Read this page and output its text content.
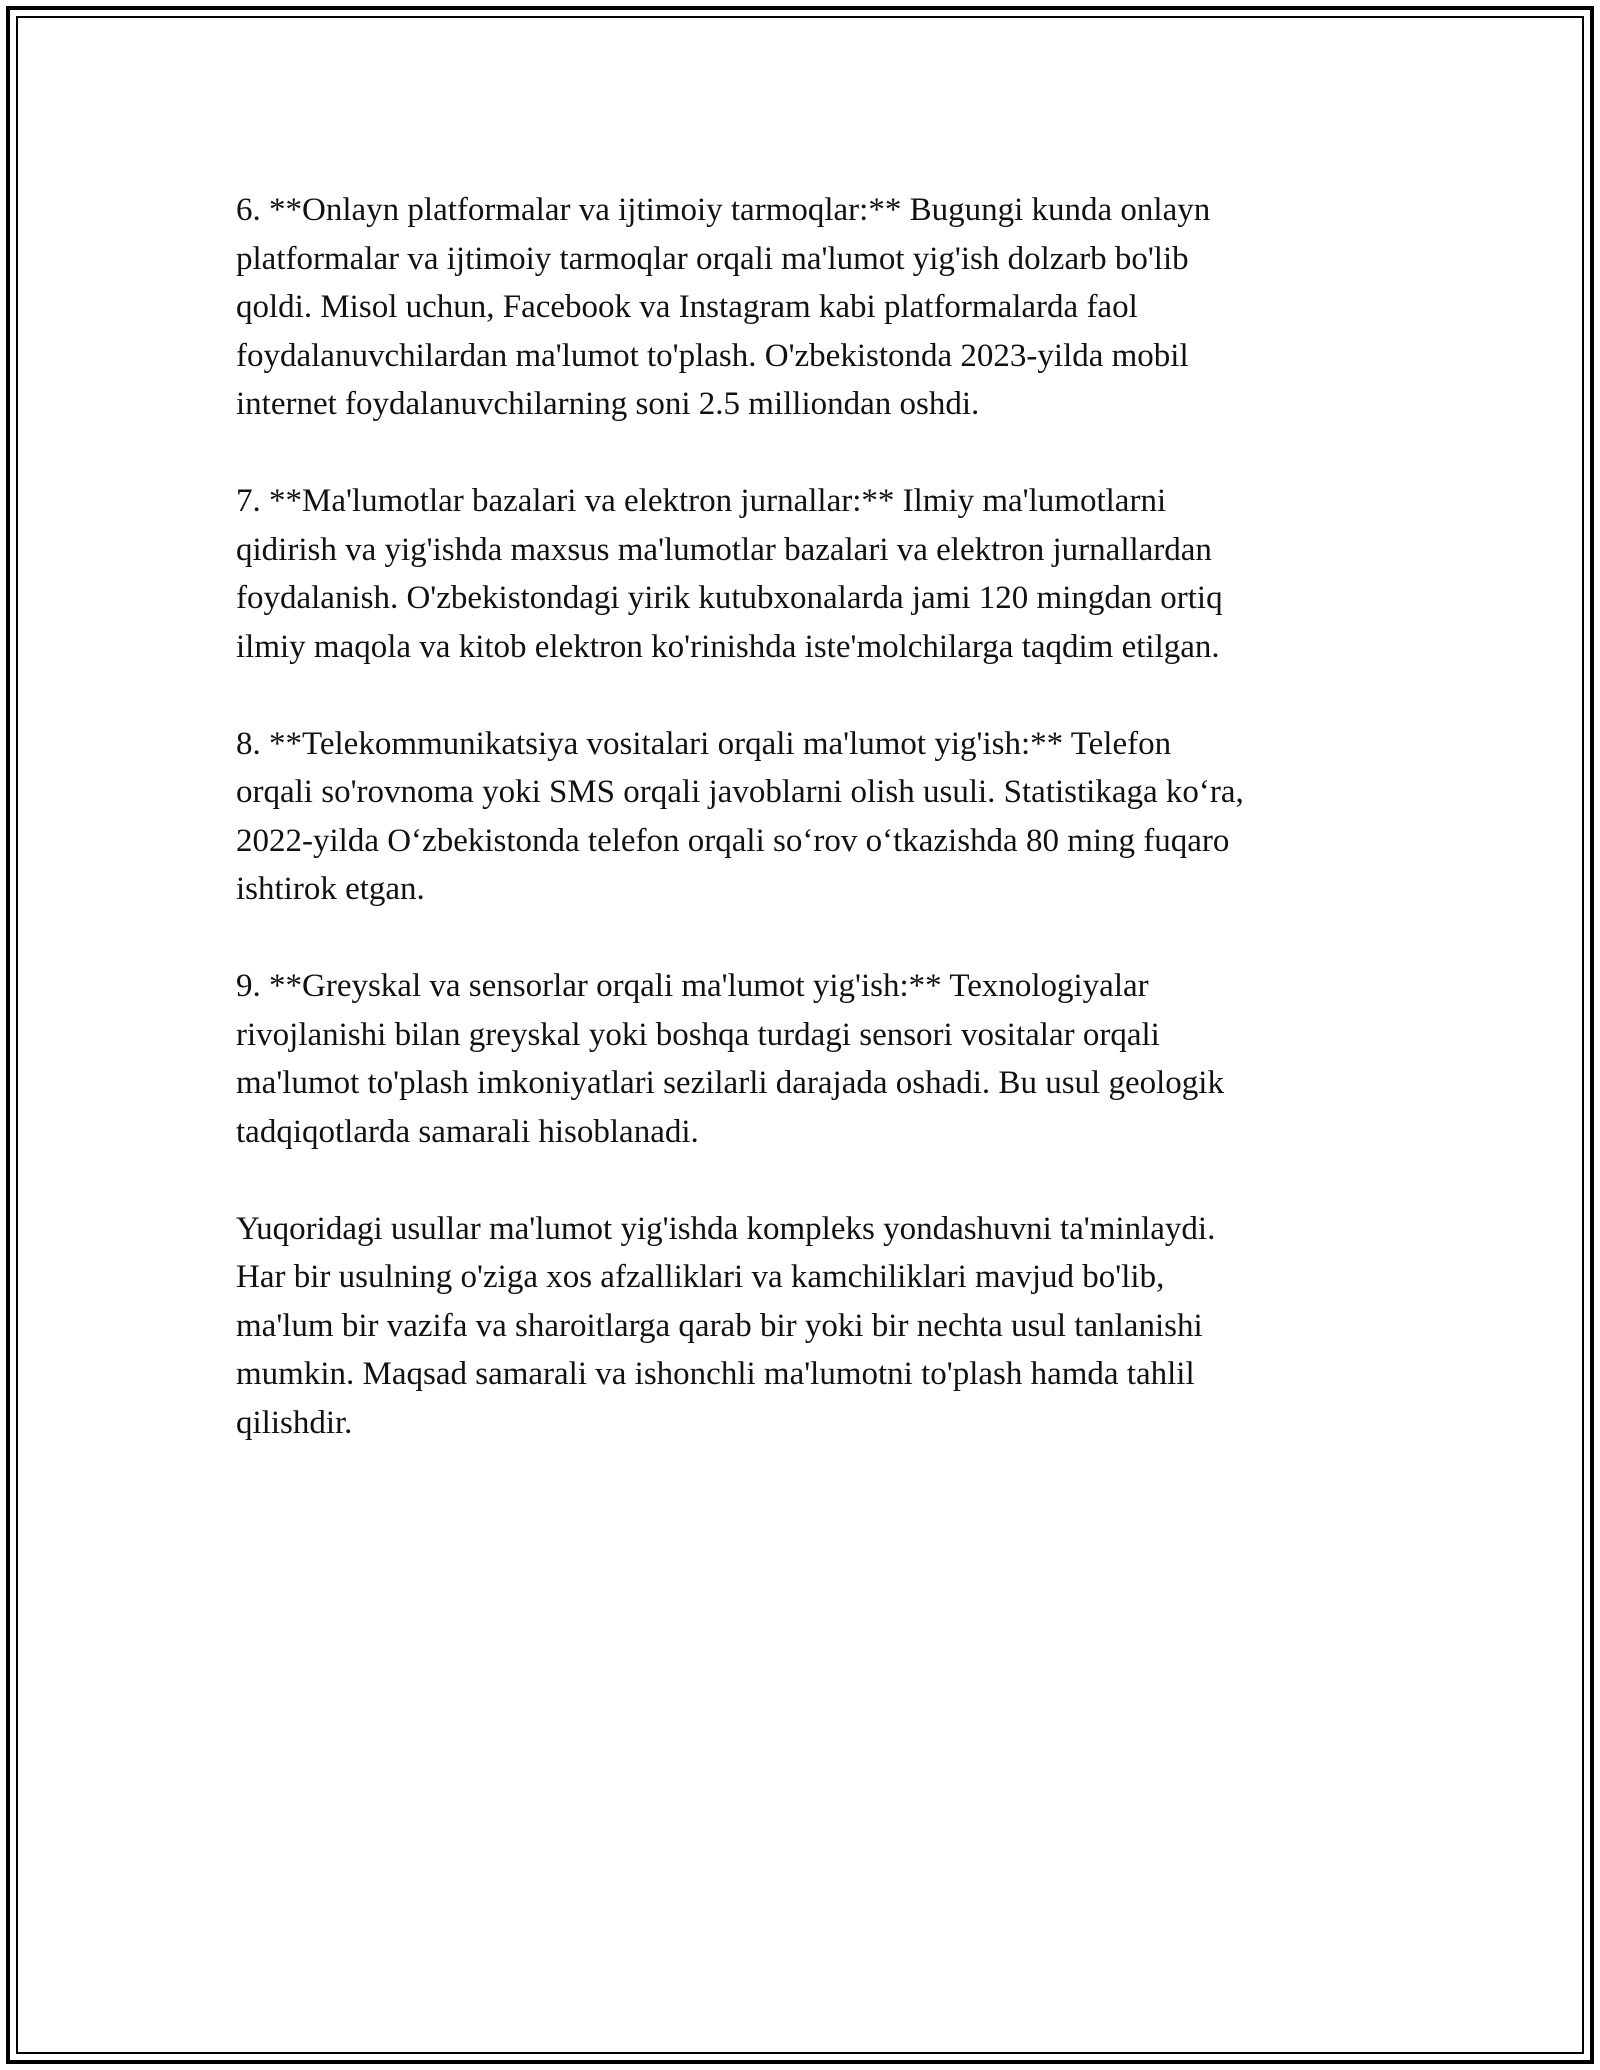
6. **Onlayn platformalar va ijtimoiy tarmoqlar:** Bugungi kunda onlayn
platformalar va ijtimoiy tarmoqlar orqali ma'lumot yig'ish dolzarb bo'lib
qoldi. Misol uchun, Facebook va Instagram kabi platformalarda faol
foydalanuvchilardan ma'lumot to'plash. O'zbekistonda 2023-yilda mobil
internet foydalanuvchilarning soni 2.5 milliondan oshdi.

7. **Ma'lumotlar bazalari va elektron jurnallar:** Ilmiy ma'lumotlarni
qidirish va yig'ishda maxsus ma'lumotlar bazalari va elektron jurnallardan
foydalanish. O'zbekistondagi yirik kutubxonalarda jami 120 mingdan ortiq
ilmiy maqola va kitob elektron ko'rinishda iste'molchilarga taqdim etilgan.

8. **Telekommunikatsiya vositalari orqali ma'lumot yig'ish:** Telefon
orqali so'rovnoma yoki SMS orqali javoblarni olish usuli. Statistikaga ko‘ra,
2022-yilda O‘zbekistonda telefon orqali so‘rov o‘tkazishda 80 ming fuqaro
ishtirok etgan.

9. **Greyskal va sensorlar orqali ma'lumot yig'ish:** Texnologiyalar
rivojlanishi bilan greyskal yoki boshqa turdagi sensori vositalar orqali
ma'lumot to'plash imkoniyatlari sezilarli darajada oshadi. Bu usul geologik
tadqiqotlarda samarali hisoblanadi.

Yuqoridagi usullar ma'lumot yig'ishda kompleks yondashuvni ta'minlaydi.
Har bir usulning o'ziga xos afzalliklari va kamchiliklari mavjud bo'lib,
ma'lum bir vazifa va sharoitlarga qarab bir yoki bir nechta usul tanlanishi
mumkin. Maqsad samarali va ishonchli ma'lumotni to'plash hamda tahlil
qilishdir.
